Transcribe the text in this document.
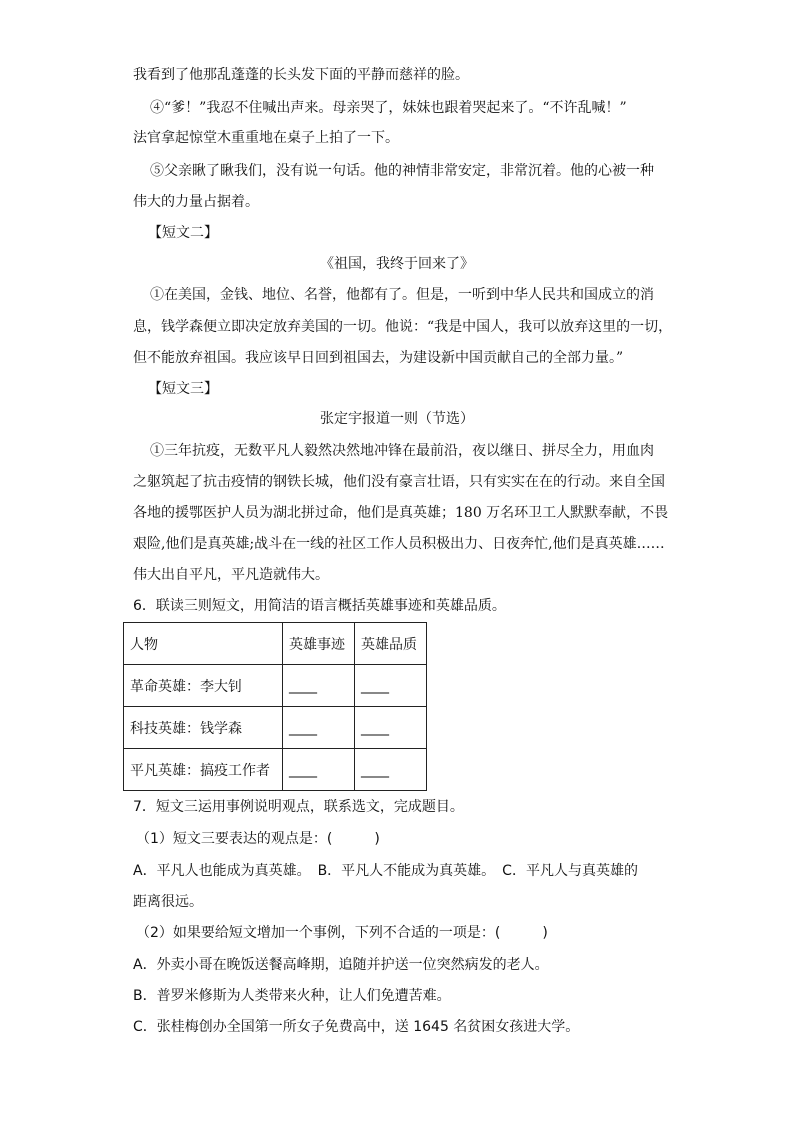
我看到了他那乱蓬蓬的长头发下面的平静而慈祥的脸。
④“爹！”我忍不住喊出声来。母亲哭了，妹妹也跟着哭起来了。“不许乱喊！”
法官拿起惊堂木重重地在桌子上拍了一下。
⑤父亲瞅了瞅我们，没有说一句话。他的神情非常安定，非常沉着。他的心被一种
伟大的力量占据着。
【短文二】
《祖国，我终于回来了》
①在美国，金钱、地位、名誉，他都有了。但是，一听到中华人民共和国成立的消
息，钱学森便立即决定放弃美国的一切。他说：“我是中国人，我可以放弃这里的一切，
但不能放弃祖国。我应该早日回到祖国去，为建设新中国贡献自己的全部力量。”
【短文三】
张定宇报道一则（节选）
①三年抗疫，无数平凡人毅然决然地冲锋在最前沿，夜以继日、拼尽全力，用血肉
之躯筑起了抗击疫情的钢铁长城，他们没有豪言壮语，只有实实在在的行动。来自全国
各地的援鄂医护人员为湖北拼过命，他们是真英雄；180 万名环卫工人默默奉献，不畏
艰险,他们是真英雄;战斗在一线的社区工作人员积极出力、日夜奔忙,他们是真英雄……
伟大出自平凡，平凡造就伟大。
6．联读三则短文，用简洁的语言概括英雄事迹和英雄品质。
人物	英雄事迹	英雄品质
革命英雄：李大钊	____	____
科技英雄：钱学森	____	____
平凡英雄：搞疫工作者	____	____
7．短文三运用事例说明观点，联系选文，完成题目。
（1）短文三要表达的观点是：(　　　)
A．平凡人也能成为真英雄。　B．平凡人不能成为真英雄。　C．平凡人与真英雄的
距离很远。
（2）如果要给短文增加一个事例，下列不合适的一项是：(　　　)
A．外卖小哥在晚饭送餐高峰期，追随并护送一位突然病发的老人。
B．普罗米修斯为人类带来火种，让人们免遭苦难。
C．张桂梅创办全国第一所女子免费高中，送 1645 名贫困女孩进大学。
